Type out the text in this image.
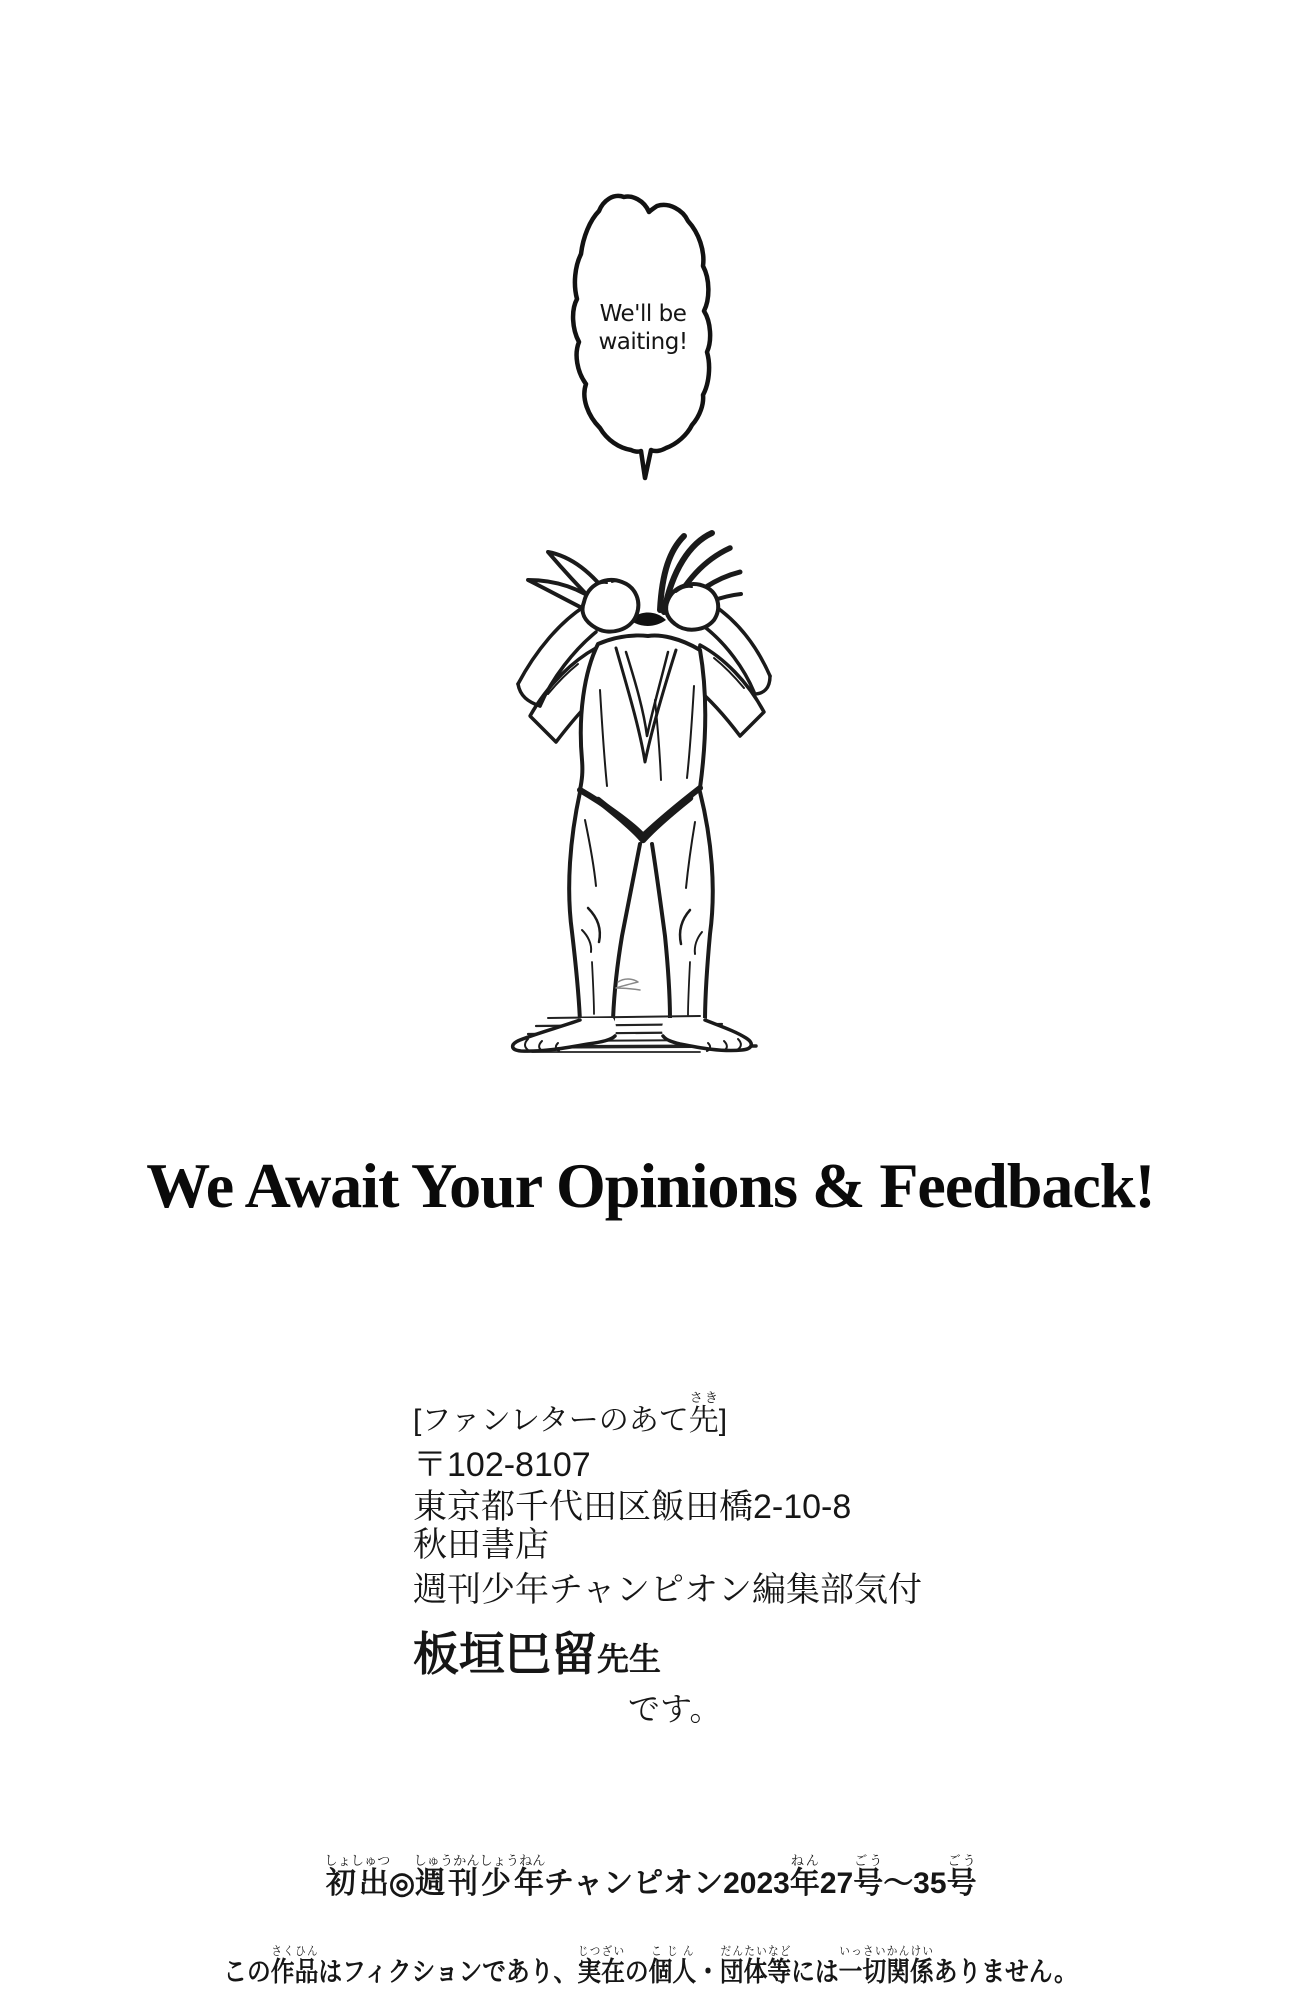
We'll be
waiting!
We Await Your Opinions & Feedback!
[ファンレターのあて先さき]
〒102-8107
東京都千代田区飯田橋2-10-8
秋田書店
週刊少年チャンピオン編集部気付
板垣巴留先生
です。
初出しょしゅつ◎週刊少年しゅうかんしょうねんチャンピオン2023年ねん27号ごう～35号ごう
この作品さくひんはフィクションであり、実在じつざいの個人こじん・団体等だんたいなどには一切関係いっさいかんけいありません。
